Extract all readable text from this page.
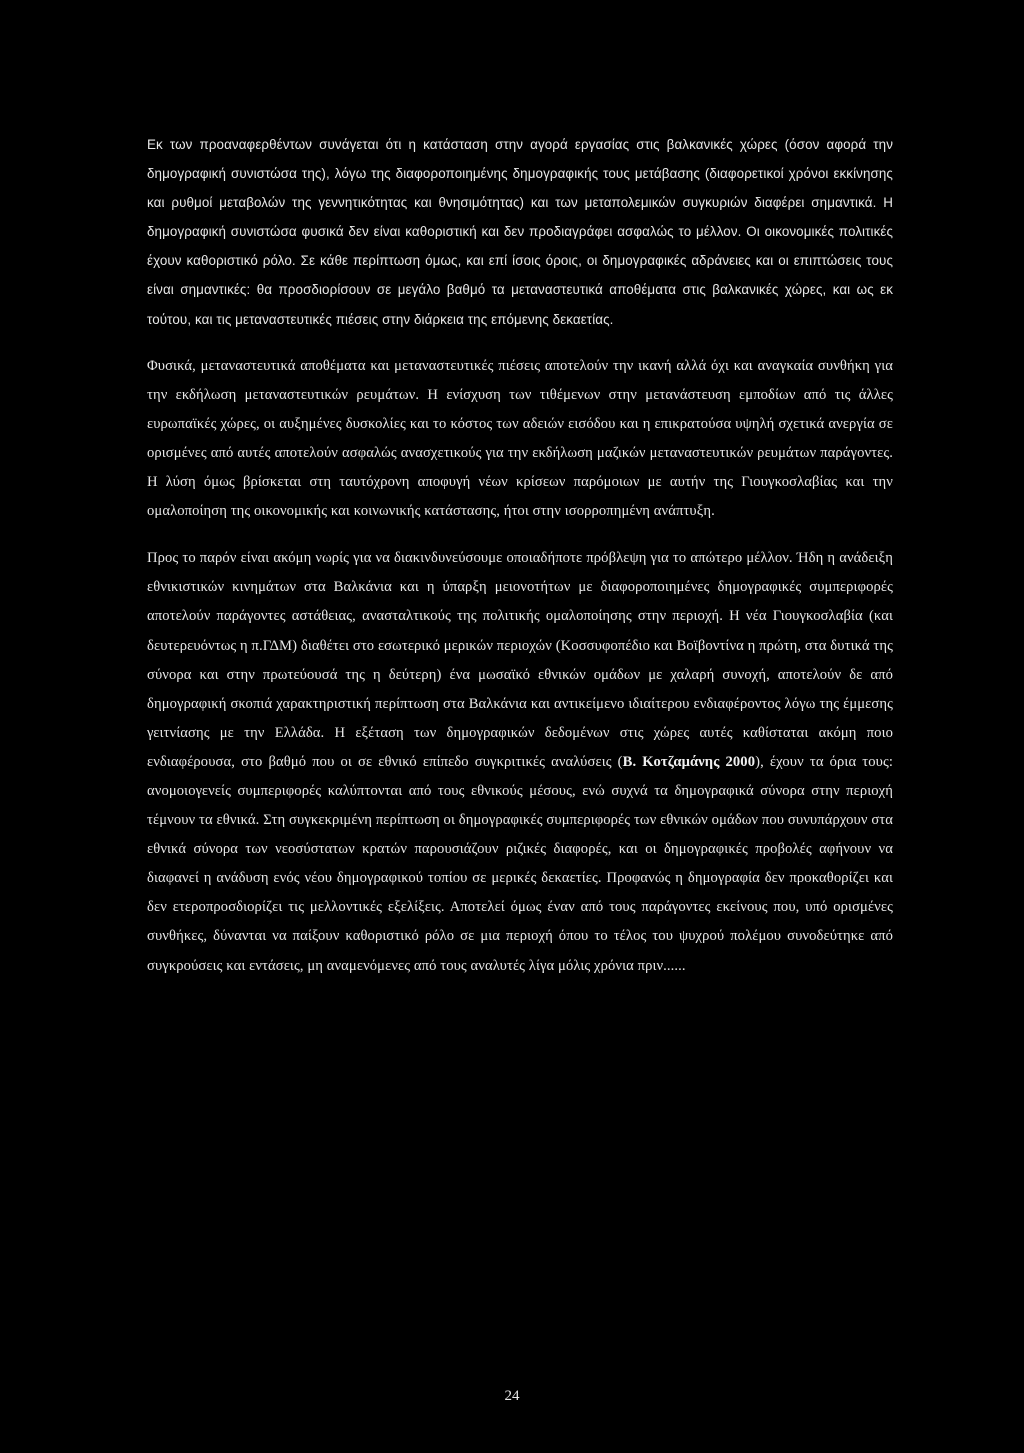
Εκ των προαναφερθέντων συνάγεται ότι η κατάσταση στην αγορά εργασίας στις βαλκανικές χώρες (όσον αφορά την δημογραφική συνιστώσα της), λόγω της διαφοροποιημένης δημογραφικής τους μετάβασης (διαφορετικοί χρόνοι εκκίνησης και ρυθμοί μεταβολών της γεννητικότητας και θνησιμότητας) και των μεταπολεμικών συγκυριών διαφέρει σημαντικά. Η δημογραφική συνιστώσα φυσικά δεν είναι καθοριστική και δεν προδιαγράφει ασφαλώς το μέλλον. Οι οικονομικές πολιτικές έχουν καθοριστικό ρόλο. Σε κάθε περίπτωση όμως, και επί ίσοις όροις, οι δημογραφικές αδράνειες και οι επιπτώσεις τους είναι σημαντικές: θα προσδιορίσουν σε μεγάλο βαθμό τα μεταναστευτικά αποθέματα στις βαλκανικές χώρες, και ως εκ τούτου, και τις μεταναστευτικές πιέσεις στην διάρκεια της επόμενης δεκαετίας.

Φυσικά, μεταναστευτικά αποθέματα και μεταναστευτικές πιέσεις αποτελούν την ικανή αλλά όχι και αναγκαία συνθήκη για την εκδήλωση μεταναστευτικών ρευμάτων. Η ενίσχυση των τιθέμενων στην μετανάστευση εμποδίων από τις άλλες ευρωπαϊκές χώρες, οι αυξημένες δυσκολίες και το κόστος των αδειών εισόδου και η επικρατούσα υψηλή σχετικά ανεργία σε ορισμένες από αυτές αποτελούν ασφαλώς ανασχετικούς για την εκδήλωση μαζικών μεταναστευτικών ρευμάτων παράγοντες. Η λύση όμως βρίσκεται στη ταυτόχρονη αποφυγή νέων κρίσεων παρόμοιων με αυτήν της Γιουγκοσλαβίας και την ομαλοποίηση της οικονομικής και κοινωνικής κατάστασης, ήτοι στην ισορροπημένη ανάπτυξη.

Προς το παρόν είναι ακόμη νωρίς για να διακινδυνεύσουμε οποιαδήποτε πρόβλεψη για το απώτερο μέλλον. Ήδη η ανάδειξη εθνικιστικών κινημάτων στα Βαλκάνια και η ύπαρξη μειονοτήτων με διαφοροποιημένες δημογραφικές συμπεριφορές αποτελούν παράγοντες αστάθειας, ανασταλτικούς της πολιτικής ομαλοποίησης στην περιοχή. Η νέα Γιουγκοσλαβία (και δευτερευόντως η π.ΓΔΜ) διαθέτει στο εσωτερικό μερικών περιοχών (Κοσσυφοπέδιο και Βοϊβοντίνα η πρώτη, στα δυτικά της σύνορα και στην πρωτεύουσά της η δεύτερη) ένα μωσαϊκό εθνικών ομάδων με χαλαρή συνοχή, αποτελούν δε από δημογραφική σκοπιά χαρακτηριστική περίπτωση στα Βαλκάνια και αντικείμενο ιδιαίτερου ενδιαφέροντος λόγω της έμμεσης γειτνίασης με την Ελλάδα. Η εξέταση των δημογραφικών δεδομένων στις χώρες αυτές καθίσταται ακόμη ποιο ενδιαφέρουσα, στο βαθμό που οι σε εθνικό επίπεδο συγκριτικές αναλύσεις (Β. Κοτζαμάνης 2000), έχουν τα όρια τους: ανομοιογενείς συμπεριφορές καλύπτονται από τους εθνικούς μέσους, ενώ συχνά τα δημογραφικά σύνορα στην περιοχή τέμνουν τα εθνικά. Στη συγκεκριμένη περίπτωση οι δημογραφικές συμπεριφορές των εθνικών ομάδων που συνυπάρχουν στα εθνικά σύνορα των νεοσύστατων κρατών παρουσιάζουν ριζικές διαφορές, και οι δημογραφικές προβολές αφήνουν να διαφανεί η ανάδυση ενός νέου δημογραφικού τοπίου σε μερικές δεκαετίες. Προφανώς η δημογραφία δεν προκαθορίζει και δεν ετεροπροσδιορίζει τις μελλοντικές εξελίξεις. Αποτελεί όμως έναν από τους παράγοντες εκείνους που, υπό ορισμένες συνθήκες, δύνανται να παίξουν καθοριστικό ρόλο σε μια περιοχή όπου το τέλος του ψυχρού πολέμου συνοδεύτηκε από συγκρούσεις και εντάσεις, μη αναμενόμενες από τους αναλυτές λίγα μόλις χρόνια πριν......

24
